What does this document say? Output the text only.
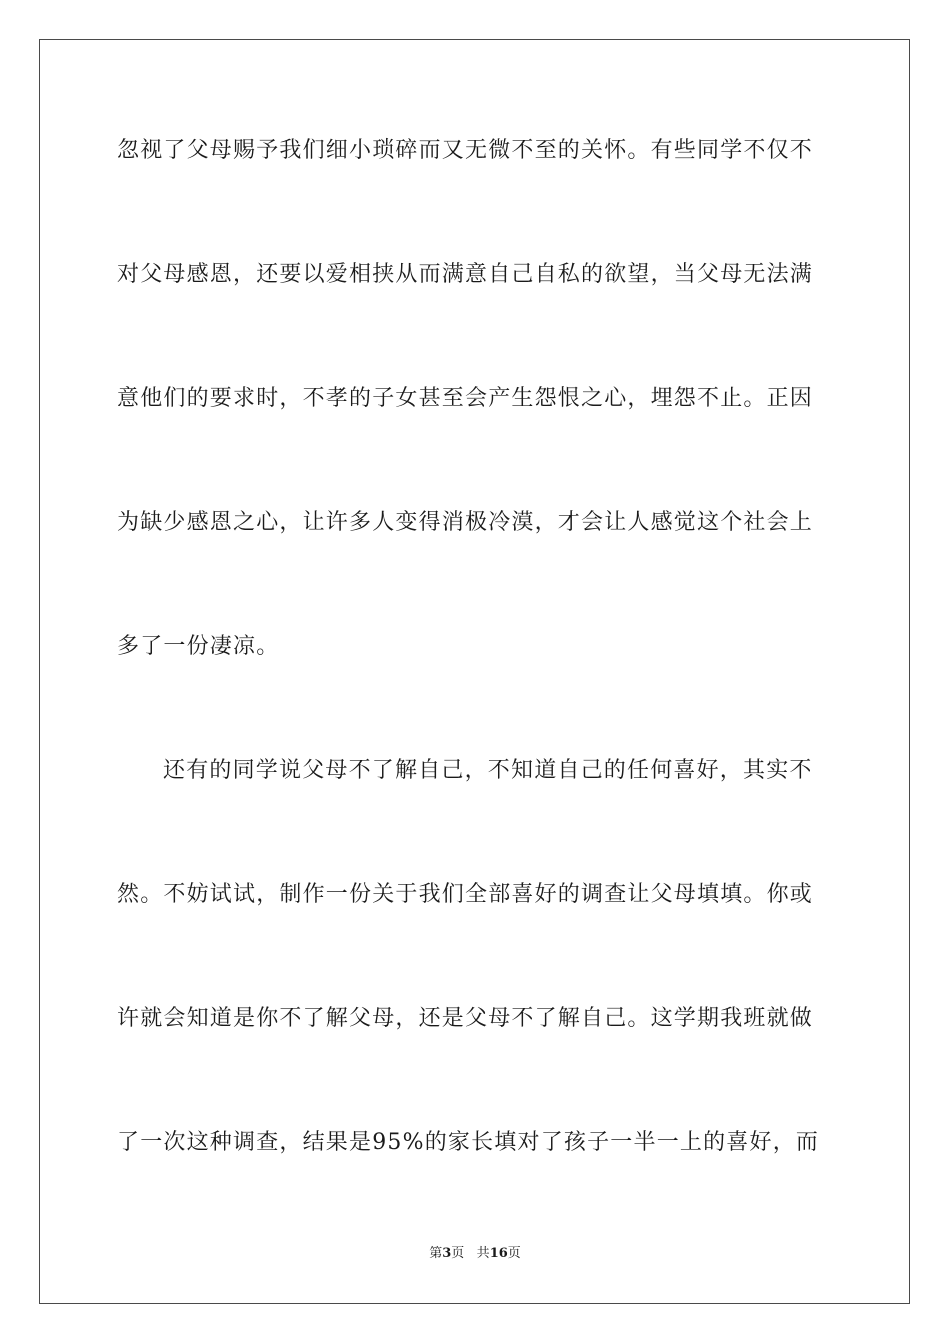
忽视了父母赐予我们细小琐碎而又无微不至的关怀。有些同学不仅不
对父母感恩，还要以爱相挟从而满意自己自私的欲望，当父母无法满
意他们的要求时，不孝的子女甚至会产生怨恨之心，埋怨不止。正因
为缺少感恩之心，让许多人变得消极冷漠，才会让人感觉这个社会上
多了一份凄凉。
还有的同学说父母不了解自己，不知道自己的任何喜好，其实不
然。不妨试试，制作一份关于我们全部喜好的调查让父母填填。你或
许就会知道是你不了解父母，还是父母不了解自己。这学期我班就做
了一次这种调查，结果是95%的家长填对了孩子一半一上的喜好，而
第3页 共16页
